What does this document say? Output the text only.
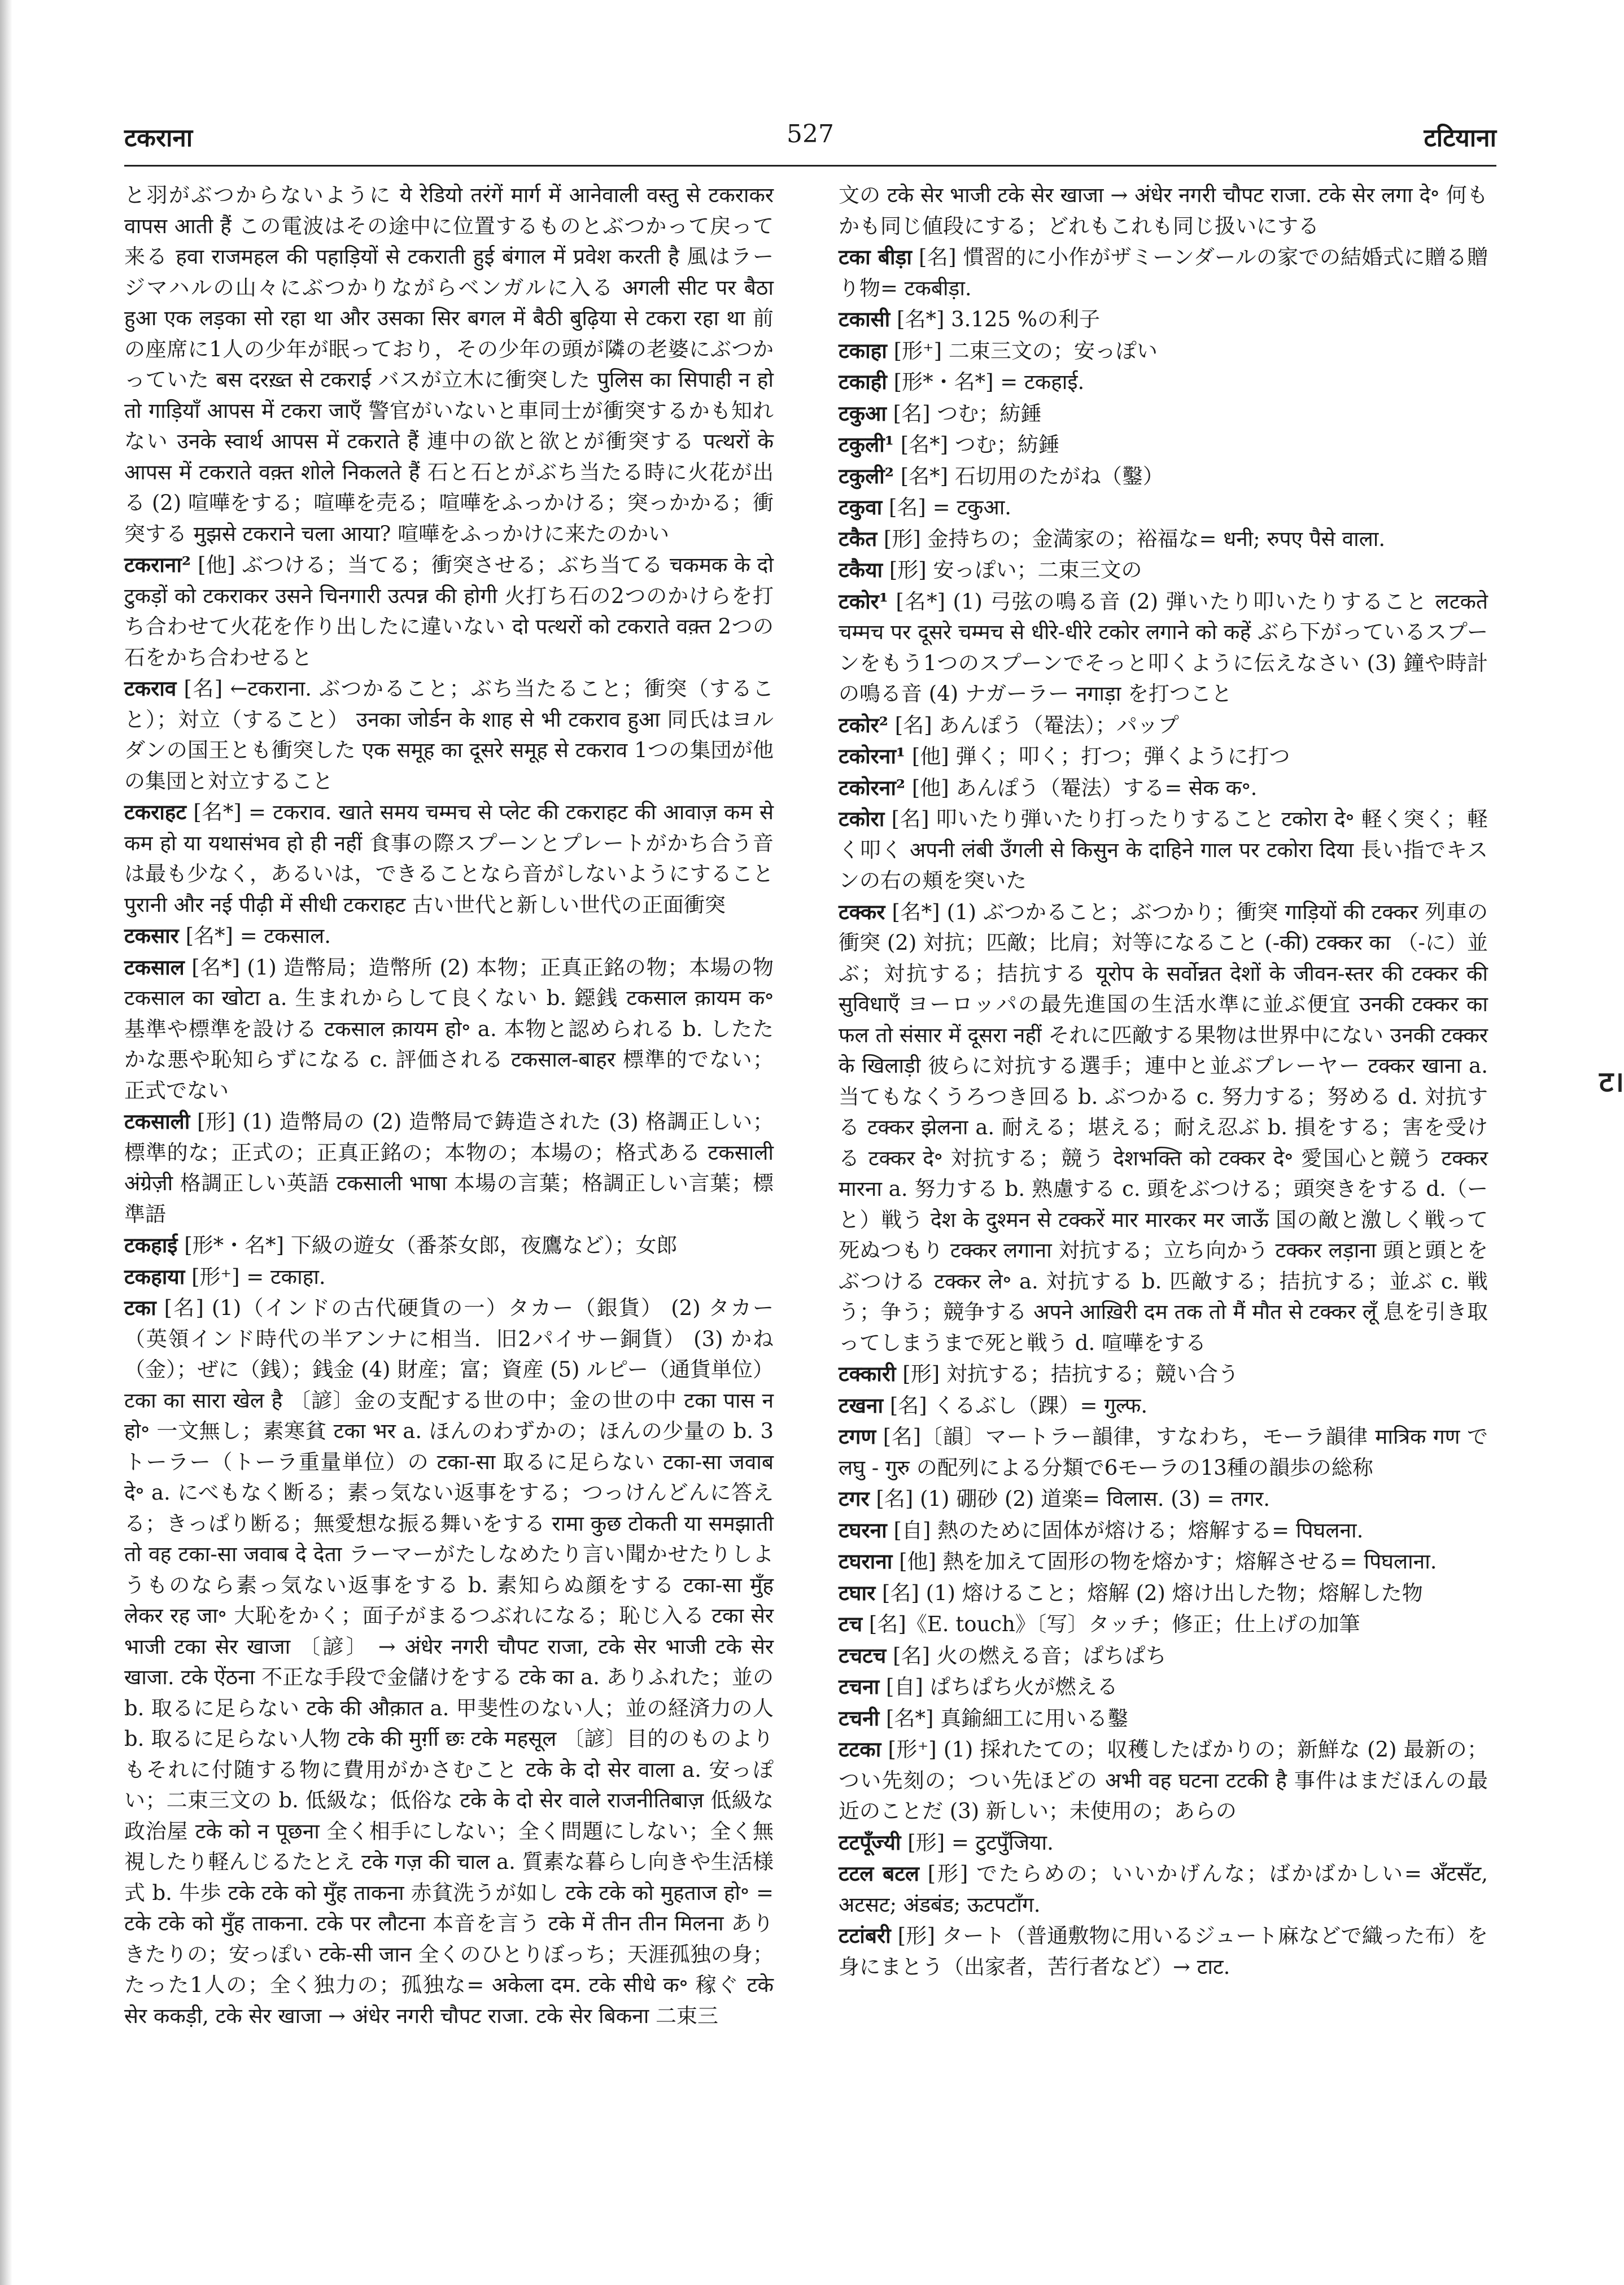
टकराना	527	टटियाना

と羽がぶつからないように ये रेडियो तरंगें मार्ग में आनेवाली वस्तु से टकराकर वापस आती हैं この電波はその途中に位置するものとぶつかって戻って来る हवा राजमहल की पहाड़ियों से टकराती हुई बंगाल में प्रवेश करती है 風はラージマハルの山々にぶつかりながらベンガルに入る अगली सीट पर बैठा हुआ एक लड़का सो रहा था और उसका सिर बगल में बैठी बुढ़िया से टकरा रहा था 前の座席に1人の少年が眠っており，その少年の頭が隣の老婆にぶつかっていた बस दरख़्त से टकराई バスが立木に衝突した पुलिस का सिपाही न हो तो गाड़ियाँ आपस में टकरा जाएँ 警官がいないと車同士が衝突するかも知れない उनके स्वार्थ आपस में टकराते हैं 連中の欲と欲とが衝突する पत्थरों के आपस में टकराते वक़्त शोले निकलते हैं 石と石とがぶち当たる時に火花が出る (2) 喧嘩をする；喧嘩を売る；喧嘩をふっかける；突っかかる；衝突する मुझसे टकराने चला आया? 喧嘩をふっかけに来たのかい

टकराना² [他] ぶつける；当てる；衝突させる；ぶち当てる चकमक के दो टुकड़ों को टकराकर उसने चिनगारी उत्पन्न की होगी 火打ち石の2つのかけらを打ち合わせて火花を作り出したに違いない दो पत्थरों को टकराते वक़्त 2つの石をかち合わせると

टकराव [名] ←टकराना. ぶつかること；ぶち当たること；衝突（すること）；対立（すること） उनका जोर्डन के शाह से भी टकराव हुआ 同氏はヨルダンの国王とも衝突した एक समूह का दूसरे समूह से टकराव 1つの集団が他の集団と対立すること

टकराहट [名*] = टकराव. खाते समय चम्मच से प्लेट की टकराहट की आवाज़ कम से कम हो या यथासंभव हो ही नहीं 食事の際スプーンとプレートがかち合う音は最も少なく，あるいは，できることなら音がしないようにすること पुरानी और नई पीढ़ी में सीधी टकराहट 古い世代と新しい世代の正面衝突

टकसार [名*] = टकसाल.

टकसाल [名*] (1) 造幣局；造幣所 (2) 本物；正真正銘の物；本場の物 टकसाल का खोटा a. 生まれからして良くない b. 鐚銭 टकसाल क़ायम क॰ 基準や標準を設ける टकसाल क़ायम हो॰ a. 本物と認められる b. したたかな悪や恥知らずになる c. 評価される टकसाल-बाहर 標準的でない；正式でない

टकसाली [形] (1) 造幣局の (2) 造幣局で鋳造された (3) 格調正しい；標準的な；正式の；正真正銘の；本物の；本場の；格式ある टकसाली अंग्रेज़ी 格調正しい英語 टकसाली भाषा 本場の言葉；格調正しい言葉；標準語

टकहाई [形*・名*] 下級の遊女（番茶女郎，夜鷹など）；女郎

टकहाया [形⁺] = टकाहा.

टका [名] (1)（インドの古代硬貨の一）タカー（銀貨） (2) タカー（英領インド時代の半アンナに相当．旧2パイサー銅貨） (3) かね（金）；ぜに（銭）；銭金 (4) 財産；富；資産 (5) ルピー（通貨単位） टका का सारा खेल है 〔諺〕金の支配する世の中；金の世の中 टका पास न हो॰ 一文無し；素寒貧 टका भर a. ほんのわずかの；ほんの少量の b. 3トーラー（トーラ重量単位）の टका-सा 取るに足らない टका-सा जवाब दे॰ a. にべもなく断る；素っ気ない返事をする；つっけんどんに答える；きっぱり断る；無愛想な振る舞いをする रामा कुछ टोकती या समझाती तो वह टका-सा जवाब दे देता ラーマーがたしなめたり言い聞かせたりしようものなら素っ気ない返事をする b. 素知らぬ顔をする टका-सा मुँह लेकर रह जा॰ 大恥をかく；面子がまるつぶれになる；恥じ入る टका सेर भाजी टका सेर खाजा 〔諺〕 → अंधेर नगरी चौपट राजा, टके सेर भाजी टके सेर खाजा. टके ऐंठना 不正な手段で金儲けをする टके का a. ありふれた；並の b. 取るに足らない टके की औक़ात a. 甲斐性のない人；並の経済力の人 b. 取るに足らない人物 टके की मुर्ग़ी छः टके महसूल 〔諺〕目的のものよりもそれに付随する物に費用がかさむこと टके के दो सेर वाला a. 安っぽい；二束三文の b. 低級な；低俗な टके के दो सेर वाले राजनीतिबाज़ 低級な政治屋 टके को न पूछना 全く相手にしない；全く問題にしない；全く無視したり軽んじるたとえ टके गज़ की चाल a. 質素な暮らし向きや生活様式 b. 牛歩 टके टके को मुँह ताकना 赤貧洗うが如し टके टके को मुहताज हो॰ = टके टके को मुँह ताकना. टके पर लौटना 本音を言う टके में तीन तीन मिलना ありきたりの；安っぽい टके-सी जान 全くのひとりぼっち；天涯孤独の身；たった1人の；全く独力の；孤独な= अकेला दम. टके सीधे क॰ 稼ぐ टके सेर ककड़ी, टके सेर खाजा → अंधेर नगरी चौपट राजा. टके सेर बिकना 二束三

文の टके सेर भाजी टके सेर खाजा → अंधेर नगरी चौपट राजा. टके सेर लगा दे॰ 何もかも同じ値段にする；どれもこれも同じ扱いにする

टका बीड़ा [名] 慣習的に小作がザミーンダールの家での結婚式に贈る贈り物= टकबीड़ा.

टकासी [名*] 3.125 %の利子

टकाहा [形⁺] 二束三文の；安っぽい

टकाही [形*・名*] = टकहाई.

टकुआ [名] つむ；紡錘

टकुली¹ [名*] つむ；紡錘

टकुली² [名*] 石切用のたがね（鑿）

टकुवा [名] = टकुआ.

टकैत [形] 金持ちの；金満家の；裕福な= धनी; रुपए पैसे वाला.

टकैया [形] 安っぽい；二束三文の

टकोर¹ [名*] (1) 弓弦の鳴る音 (2) 弾いたり叩いたりすること लटकते चम्मच पर दूसरे चम्मच से धीरे-धीरे टकोर लगाने को कहें ぶら下がっているスプーンをもう1つのスプーンでそっと叩くように伝えなさい (3) 鐘や時計の鳴る音 (4) ナガーラー नगाड़ा を打つこと

टकोर² [名] あんぽう（罨法）；パップ

टकोरना¹ [他] 弾く；叩く；打つ；弾くように打つ

टकोरना² [他] あんぽう（罨法）する= सेक क॰.

टकोरा [名] 叩いたり弾いたり打ったりすること टकोरा दे॰ 軽く突く；軽く叩く अपनी लंबी उँगली से किसुन के दाहिने गाल पर टकोरा दिया 長い指でキスンの右の頬を突いた

टक्कर [名*] (1) ぶつかること；ぶつかり；衝突 गाड़ियों की टक्कर 列車の衝突 (2) 対抗；匹敵；比肩；対等になること (-की) टक्कर का （-に）並ぶ；対抗する；拮抗する यूरोप के सर्वोन्नत देशों के जीवन-स्तर की टक्कर की सुविधाएँ ヨーロッパの最先進国の生活水準に並ぶ便宜 उनकी टक्कर का फल तो संसार में दूसरा नहीं それに匹敵する果物は世界中にない उनकी टक्कर के खिलाड़ी 彼らに対抗する選手；連中と並ぶプレーヤー टक्कर खाना a. 当てもなくうろつき回る b. ぶつかる c. 努力する；努める d. 対抗する टक्कर झेलना a. 耐える；堪える；耐え忍ぶ b. 損をする；害を受ける टक्कर दे॰ 対抗する；競う देशभक्ति को टक्कर दे॰ 愛国心と競う टक्कर मारना a. 努力する b. 熟慮する c. 頭をぶつける；頭突きをする d.（ー と）戦う देश के दुश्मन से टक्करें मार मारकर मर जाऊँ 国の敵と激しく戦って死ぬつもり टक्कर लगाना 対抗する；立ち向かう टक्कर लड़ाना 頭と頭とをぶつける टक्कर ले॰ a. 対抗する b. 匹敵する；拮抗する；並ぶ c. 戦う；争う；競争する अपने आख़िरी दम तक तो मैं मौत से टक्कर लूँ 息を引き取ってしまうまで死と戦う d. 喧嘩をする

टक्कारी [形] 対抗する；拮抗する；競い合う

टखना [名] くるぶし（踝）= गुल्फ.

टगण [名]〔韻〕マートラー韻律，すなわち，モーラ韻律 मात्रिक गण で लघु - गुरु の配列による分類で6モーラの13種の韻歩の総称

टगर [名] (1) 硼砂 (2) 道楽= विलास. (3) = तगर.

टघरना [自] 熱のために固体が熔ける；熔解する= पिघलना.

टघराना [他] 熱を加えて固形の物を熔かす；熔解させる= पिघलाना.

टघार [名] (1) 熔けること；熔解 (2) 熔け出した物；熔解した物

टच [名]《E. touch》〔写〕タッチ；修正；仕上げの加筆

टचटच [名] 火の燃える音；ぱちぱち

टचना [自] ぱちぱち火が燃える

टचनी [名*] 真鍮細工に用いる鑿

टटका [形⁺] (1) 採れたての；収穫したばかりの；新鮮な (2) 最新の；つい先刻の；つい先ほどの अभी वह घटना टटकी है 事件はまだほんの最近のことだ (3) 新しい；未使用の；あらの

टटपूँज्यी [形] = टुटपुँजिया.

टटल बटल [形] でたらめの；いいかげんな；ばかばかしい= अँटसँट, अटसट; अंडबंड; ऊटपटाँग.

टटांबरी [形] タート（普通敷物に用いるジュート麻などで織った布）を身にまとう（出家者，苦行者など）→ टाट.

ट।
